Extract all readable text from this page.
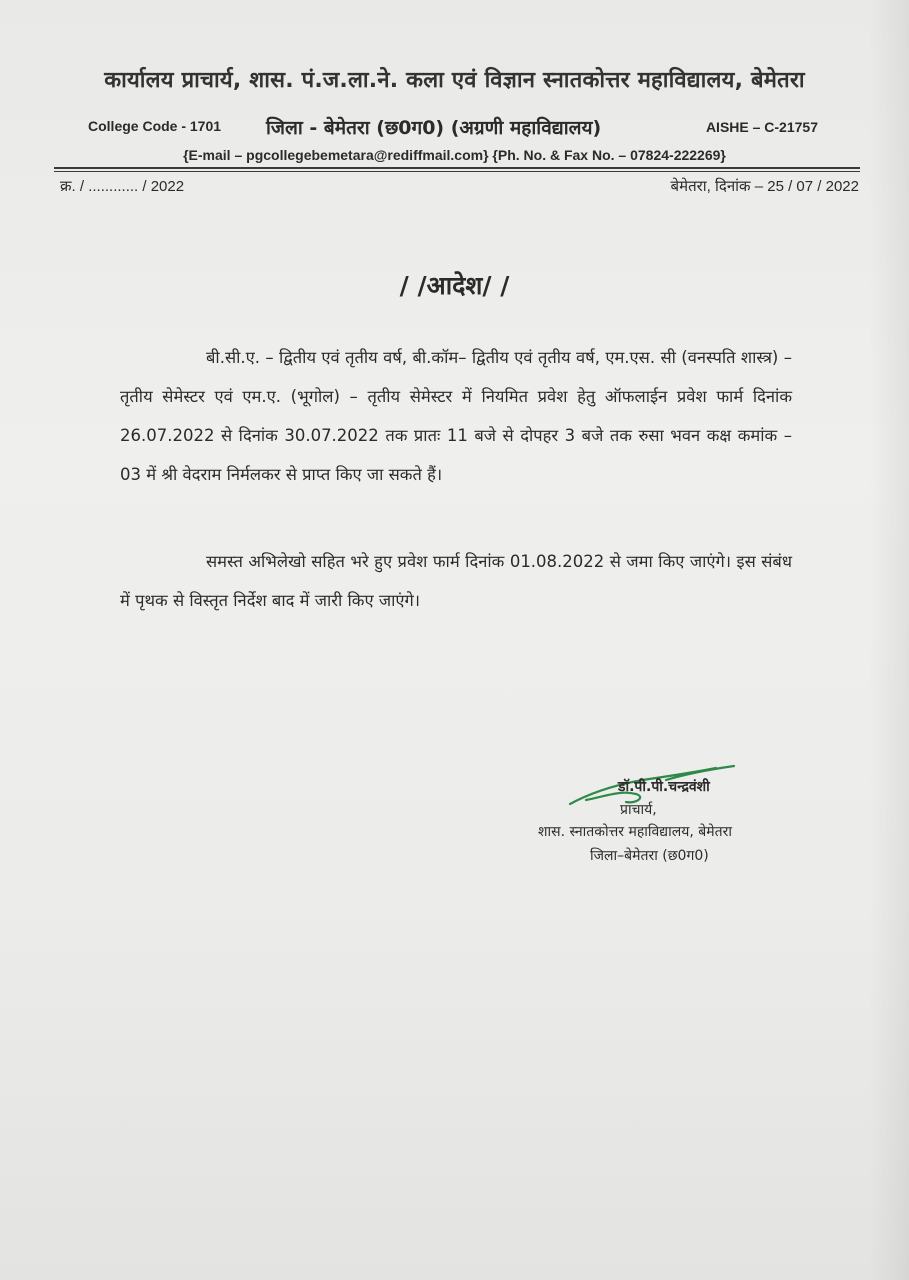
कार्यालय प्राचार्य, शास. पं.ज.ला.ने. कला एवं विज्ञान स्नातकोत्तर महाविद्यालय, बेमेतरा
College Code - 1701 जिला - बेमेतरा (छ0ग0) (अग्रणी महाविद्यालय)	AISHE – C-21757
{E-mail – pgcollegebemetara@rediffmail.com} {Ph. No. & Fax No. – 07824-222269}
क्र. / ............ / 2022	बेमेतरा, दिनांक – 25 / 07 / 2022
/ /आदेश/ /

बी.सी.ए. – द्वितीय एवं तृतीय वर्ष, बी.कॉम– द्वितीय एवं तृतीय वर्ष, एम.एस. सी (वनस्पति शास्त्र) – तृतीय सेमेस्टर एवं एम.ए. (भूगोल) – तृतीय सेमेस्टर में नियमित प्रवेश हेतु ऑफलाईन प्रवेश फार्म दिनांक 26.07.2022 से दिनांक 30.07.2022 तक प्रातः 11 बजे से दोपहर 3 बजे तक रुसा भवन कक्ष कमांक – 03 में श्री वेदराम निर्मलकर से प्राप्त किए जा सकते हैं।

समस्त अभिलेखो सहित भरे हुए प्रवेश फार्म दिनांक 01.08.2022 से जमा किए जाएंगे। इस संबंध में पृथक से विस्तृत निर्देश बाद में जारी किए जाएंगे।

डॉ.पी.पी.चन्द्रवंशी
प्राचार्य,
शास. स्नातकोत्तर महाविद्यालय, बेमेतरा
जिला–बेमेतरा (छ0ग0)
